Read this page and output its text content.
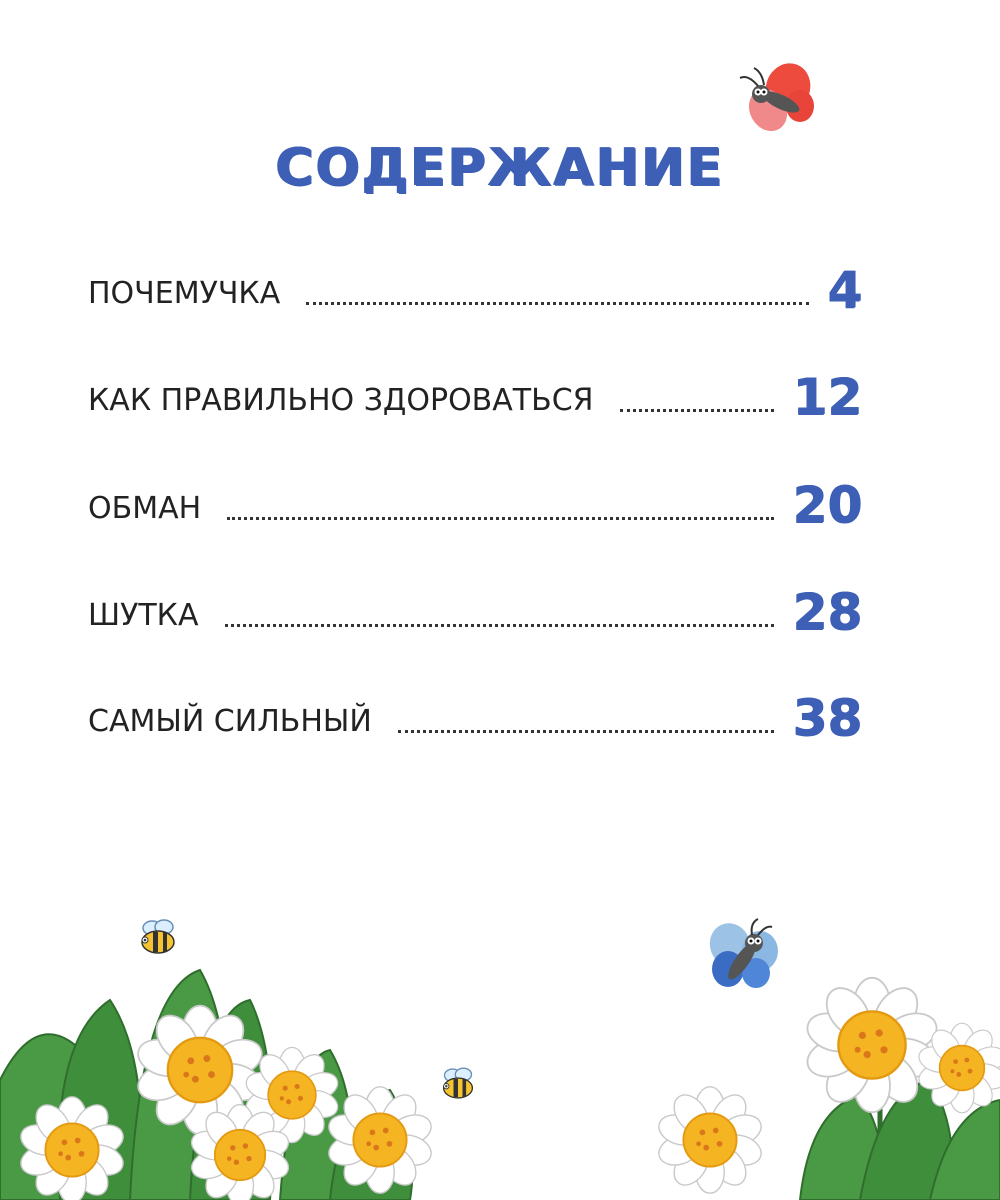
СОДЕРЖАНИЕ
ПОЧЕМУЧКА	4
КАК ПРАВИЛЬНО ЗДОРОВАТЬСЯ	12
ОБМАН	20
ШУТКА	28
САМЫЙ СИЛЬНЫЙ	38
